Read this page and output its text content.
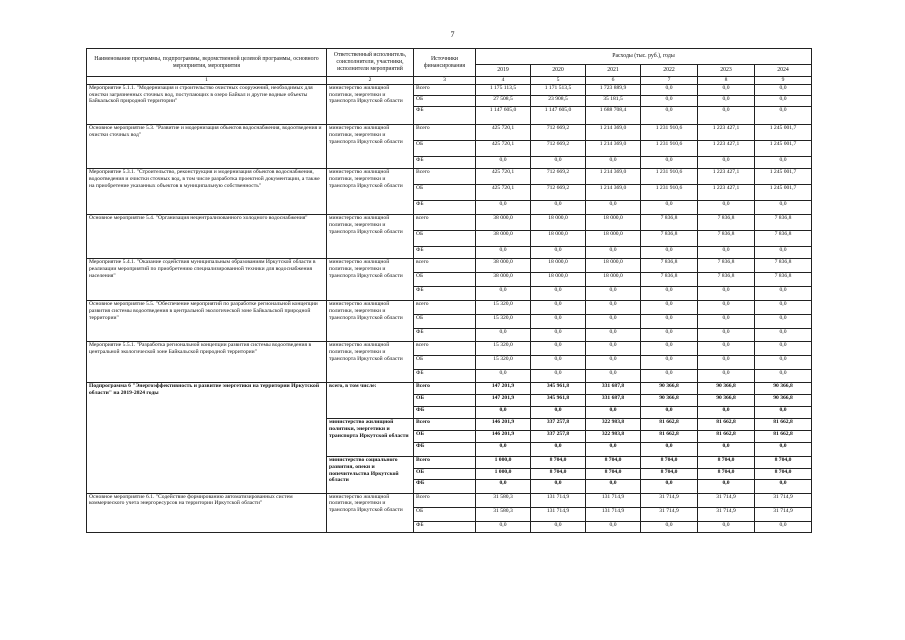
7
Наименование программы, подпрограммы, ведомственной целевой программы, основного мероприятия, мероприятия	Ответственный исполнитель, соисполнители, участники, исполнители мероприятий	Источники финансирования	Расходы (тыс. руб.), годы					
			2019	2020	2021	2022	2023	2024
1	2	3	4	5	6	7	8	9
Мероприятие 5.1.1. "Модернизация и строительство очистных сооружений, необходимых для очистки загрязненных сточных вод, поступающих в озеро Байкал и другие водные объекты Байкальской природной территории"	министерство жилищной политики, энергетики и транспорта Иркутской области	Всего	1 175 113,5	1 171 513,5	1 723 889,9	0,0	0,0	0,0
		ОБ	27 508,5	23 908,5	35 181,5	0,0	0,0	0,0
		ФБ	1 147 605,0	1 147 605,0	1 688 708,4	0,0	0,0	0,0
Основное мероприятие 5.3. "Развитие и модернизация объектов водоснабжения, водоотведения и очистки сточных вод"	министерство жилищной политики, энергетики и транспорта Иркутской области	Всего	425 720,1	712 669,2	1 214 369,0	1 231 910,6	1 223 427,1	1 245 001,7
		ОБ	425 720,1	712 669,2	1 214 369,0	1 231 910,6	1 223 427,1	1 245 001,7
		ФБ	0,0	0,0	0,0	0,0	0,0	0,0
Мероприятие 5.3.1. "Строительство, реконструкция и модернизация объектов водоснабжения, водоотведения и очистки сточных вод, в том числе разработка проектной документации, а также на приобретение указанных объектов в муниципальную собственность"	министерство жилищной политики, энергетики и транспорта Иркутской области	Всего	425 720,1	712 669,2	1 214 369,0	1 231 910,6	1 223 427,1	1 245 001,7
		ОБ	425 720,1	712 669,2	1 214 369,0	1 231 910,6	1 223 427,1	1 245 001,7
		ФБ	0,0	0,0	0,0	0,0	0,0	0,0
Основное мероприятие 5.4. "Организация нецентрализованного холодного водоснабжения"	министерство жилищной политики, энергетики и транспорта Иркутской области	всего	38 000,0	18 000,0	18 000,0	7 836,8	7 836,8	7 836,8
		ОБ	38 000,0	18 000,0	18 000,0	7 836,8	7 836,8	7 836,8
		ФБ	0,0	0,0	0,0	0,0	0,0	0,0
Мероприятие 5.4.1. "Оказание содействия муниципальным образованиям Иркутской области в реализации мероприятий по приобретению специализированной техники для водоснабжения населения"	министерство жилищной политики, энергетики и транспорта Иркутской области	всего	38 000,0	18 000,0	18 000,0	7 836,8	7 836,8	7 836,8
		ОБ	38 000,0	18 000,0	18 000,0	7 836,8	7 836,8	7 836,8
		ФБ	0,0	0,0	0,0	0,0	0,0	0,0
Основное мероприятие 5.5. "Обеспечение мероприятий по разработке региональной концепции развития системы водоотведения в центральной экологической зоне Байкальской природной территории"	министерство жилищной политики, энергетики и транспорта Иркутской области	всего	15 320,0	0,0	0,0	0,0	0,0	0,0
		ОБ	15 320,0	0,0	0,0	0,0	0,0	0,0
		ФБ	0,0	0,0	0,0	0,0	0,0	0,0
Мероприятие 5.5.1. "Разработка региональной концепции развития системы водоотведения в центральной экологической зоне Байкальской природной территории"	министерство жилищной политики, энергетики и транспорта Иркутской области	всего	15 320,0	0,0	0,0	0,0	0,0	0,0
		ОБ	15 320,0	0,0	0,0	0,0	0,0	0,0
		ФБ	0,0	0,0	0,0	0,0	0,0	0,0
Подпрограмма 6 "Энергоэффективность и развитие энергетики на территории Иркутской области" на 2019-2024 годы	всего, в том числе:	Всего	147 201,9	345 961,8	331 687,8	90 366,8	90 366,8	90 366,8
		ОБ	147 201,9	345 961,8	331 687,8	90 366,8	90 366,8	90 366,8
		ФБ	0,0	0,0	0,0	0,0	0,0	0,0
	министерство жилищной политики, энергетики и транспорта Иркутской области	Всего	146 201,9	337 257,8	322 983,8	81 662,8	81 662,8	81 662,8
		ОБ	146 201,9	337 257,8	322 983,8	81 662,8	81 662,8	81 662,8
		ФБ	0,0	0,0	0,0	0,0	0,0	0,0
	министерство социального развития, опеки и попечительства Иркутской области	Всего	1 000,0	8 704,0	8 704,0	8 704,0	8 704,0	8 704,0
		ОБ	1 000,0	8 704,0	8 704,0	8 704,0	8 704,0	8 704,0
		ФБ	0,0	0,0	0,0	0,0	0,0	0,0
Основное мероприятие 6.1. "Содействие формированию автоматизированных систем коммерческого учета энергоресурсов на территории Иркутской области"	министерство жилищной политики, энергетики и транспорта Иркутской области	Всего	31 580,3	131 714,9	131 714,9	31 714,9	31 714,9	31 714,9
		ОБ	31 580,3	131 714,9	131 714,9	31 714,9	31 714,9	31 714,9
		ФБ	0,0	0,0	0,0	0,0	0,0	0,0
